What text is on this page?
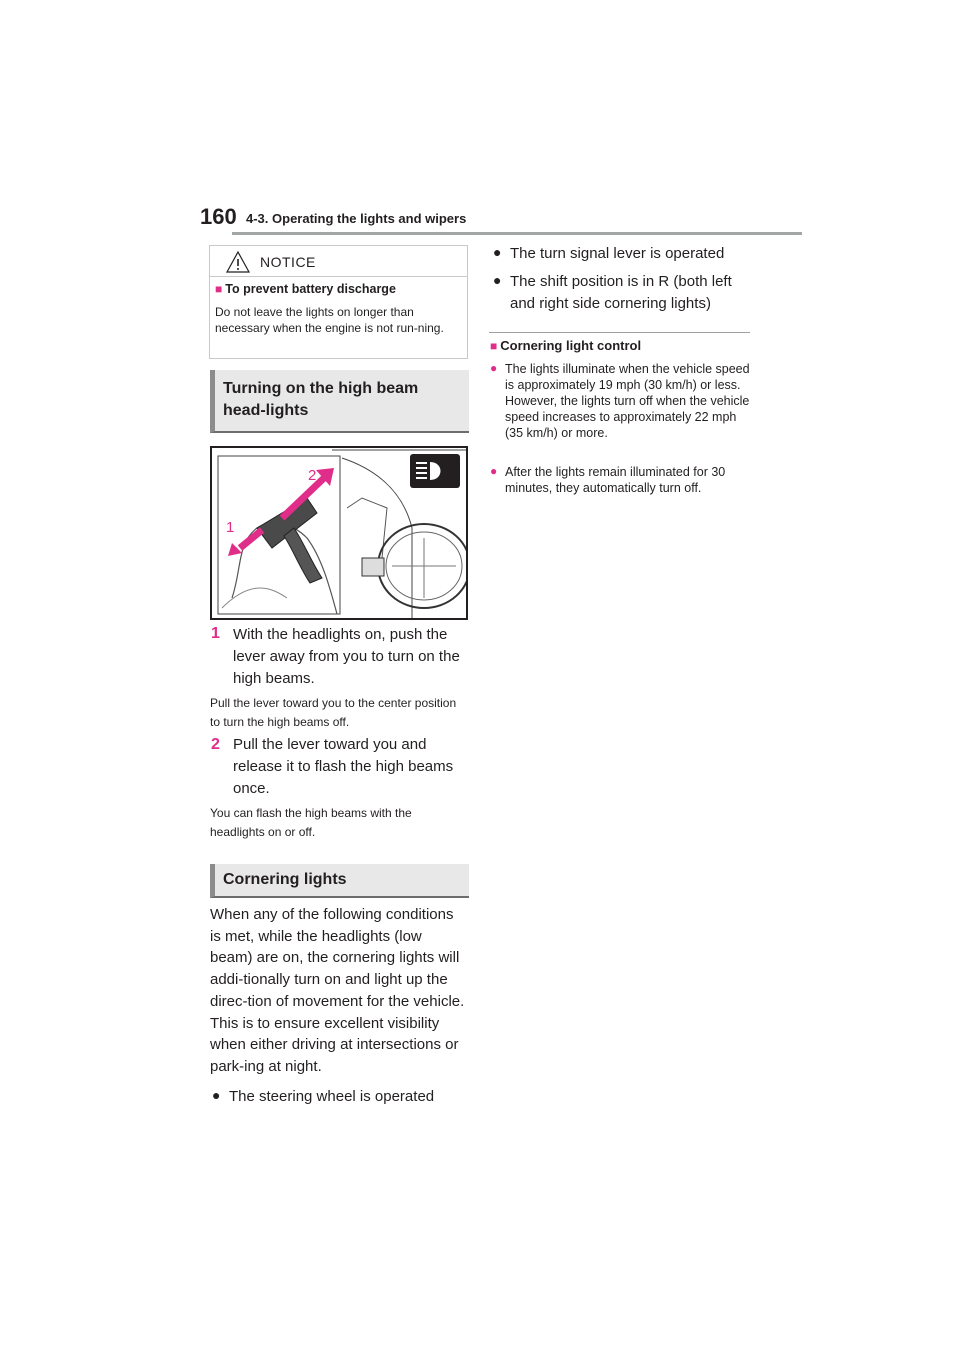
160 4-3. Operating the lights and wipers
NOTICE
■ To prevent battery discharge
Do not leave the lights on longer than necessary when the engine is not run-ning.
Turning on the high beam head-lights
2
1
1 With the headlights on, push the lever away from you to turn on the high beams.
Pull the lever toward you to the center position to turn the high beams off.
2 Pull the lever toward you and release it to flash the high beams once.
You can flash the high beams with the headlights on or off.
Cornering lights
When any of the following conditions is met, while the headlights (low beam) are on, the cornering lights will addi-tionally turn on and light up the direc-tion of movement for the vehicle. This is to ensure excellent visibility when either driving at intersections or park-ing at night.
● The steering wheel is operated
● The turn signal lever is operated
● The shift position is in R (both left and right side cornering lights)
■ Cornering light control
● The lights illuminate when the vehicle speed is approximately 19 mph (30 km/h) or less. However, the lights turn off when the vehicle speed increases to approximately 22 mph (35 km/h) or more.
● After the lights remain illuminated for 30 minutes, they automatically turn off.
